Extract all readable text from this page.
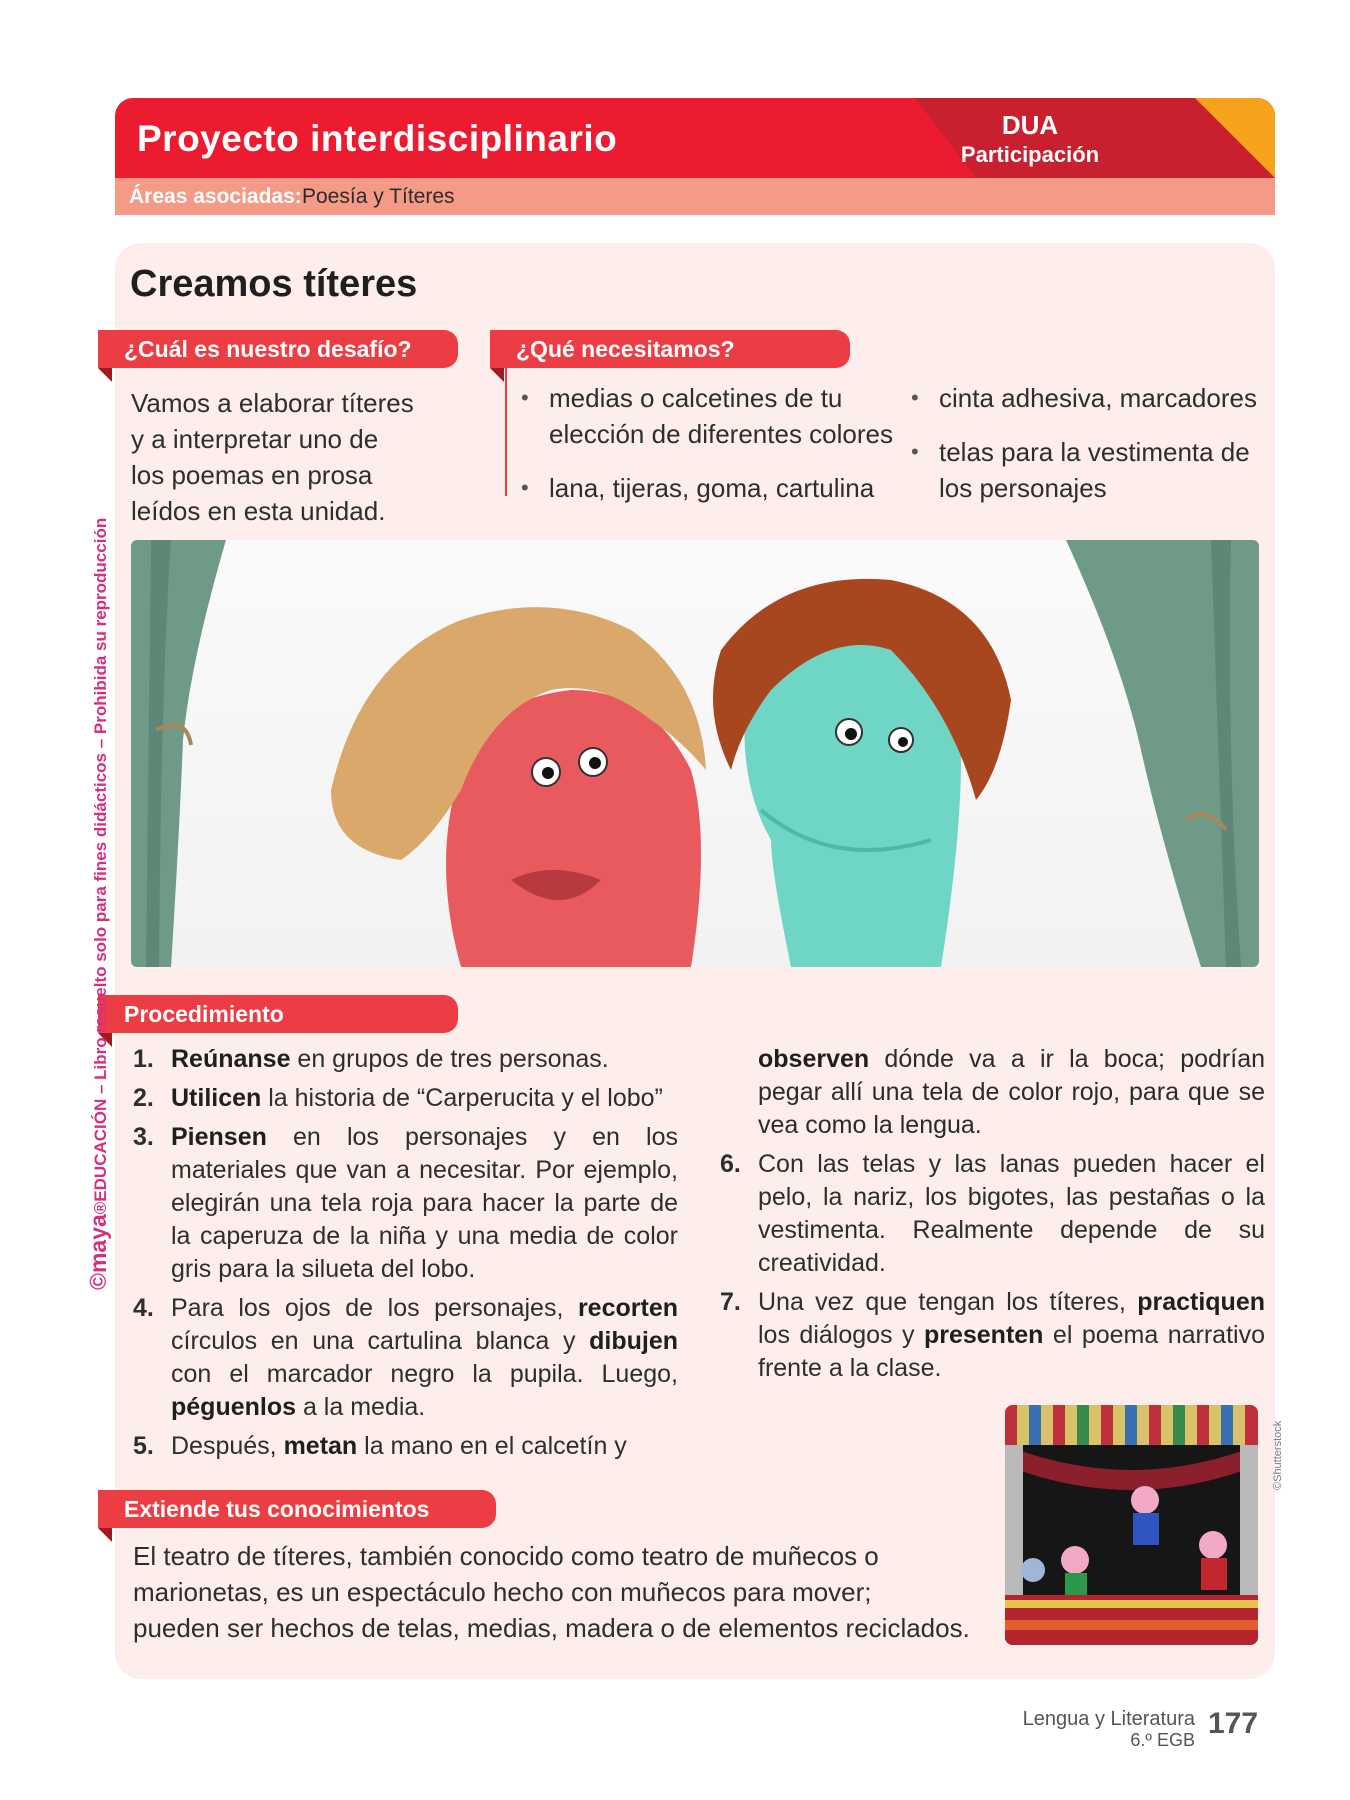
Proyecto interdisciplinario	DUA
Participación
Áreas asociadas: Poesía y Títeres
Creamos títeres
¿Cuál es nuestro desafío?
Vamos a elaborar títeres
y a interpretar uno de
los poemas en prosa
leídos en esta unidad.
¿Qué necesitamos?
• medias o calcetines de tu elección de diferentes colores
• lana, tijeras, goma, cartulina
• cinta adhesiva, marcadores
• telas para la vestimenta de los personajes
Procedimiento
1. Reúnanse en grupos de tres personas.
2. Utilicen la historia de “Carperucita y el lobo”
3. Piensen en los personajes y en los materiales que van a necesitar. Por ejemplo, elegirán una tela roja para hacer la parte de la caperuza de la niña y una media de color gris para la silueta del lobo.
4. Para los ojos de los personajes, recorten círculos en una cartulina blanca y dibujen con el marcador negro la pupila. Luego, péguenlos a la media.
5. Después, metan la mano en el calcetín y
observen dónde va a ir la boca; podrían pegar allí una tela de color rojo, para que se vea como la lengua.
6. Con las telas y las lanas pueden hacer el pelo, la nariz, los bigotes, las pestañas o la vestimenta. Realmente depende de su creatividad.
7. Una vez que tengan los títeres, practiquen los diálogos y presenten el poema narrativo frente a la clase.
Extiende tus conocimientos
El teatro de títeres, también conocido como teatro de muñecos o
marionetas, es un espectáculo hecho con muñecos para mover;
pueden ser hechos de telas, medias, madera o de elementos reciclados.
©Shutterstock
©maya®EDUCACIÓN – Libro resuelto solo para fines didácticos – Prohibida su reproducción
Lengua y Literatura
6.º EGB 177
